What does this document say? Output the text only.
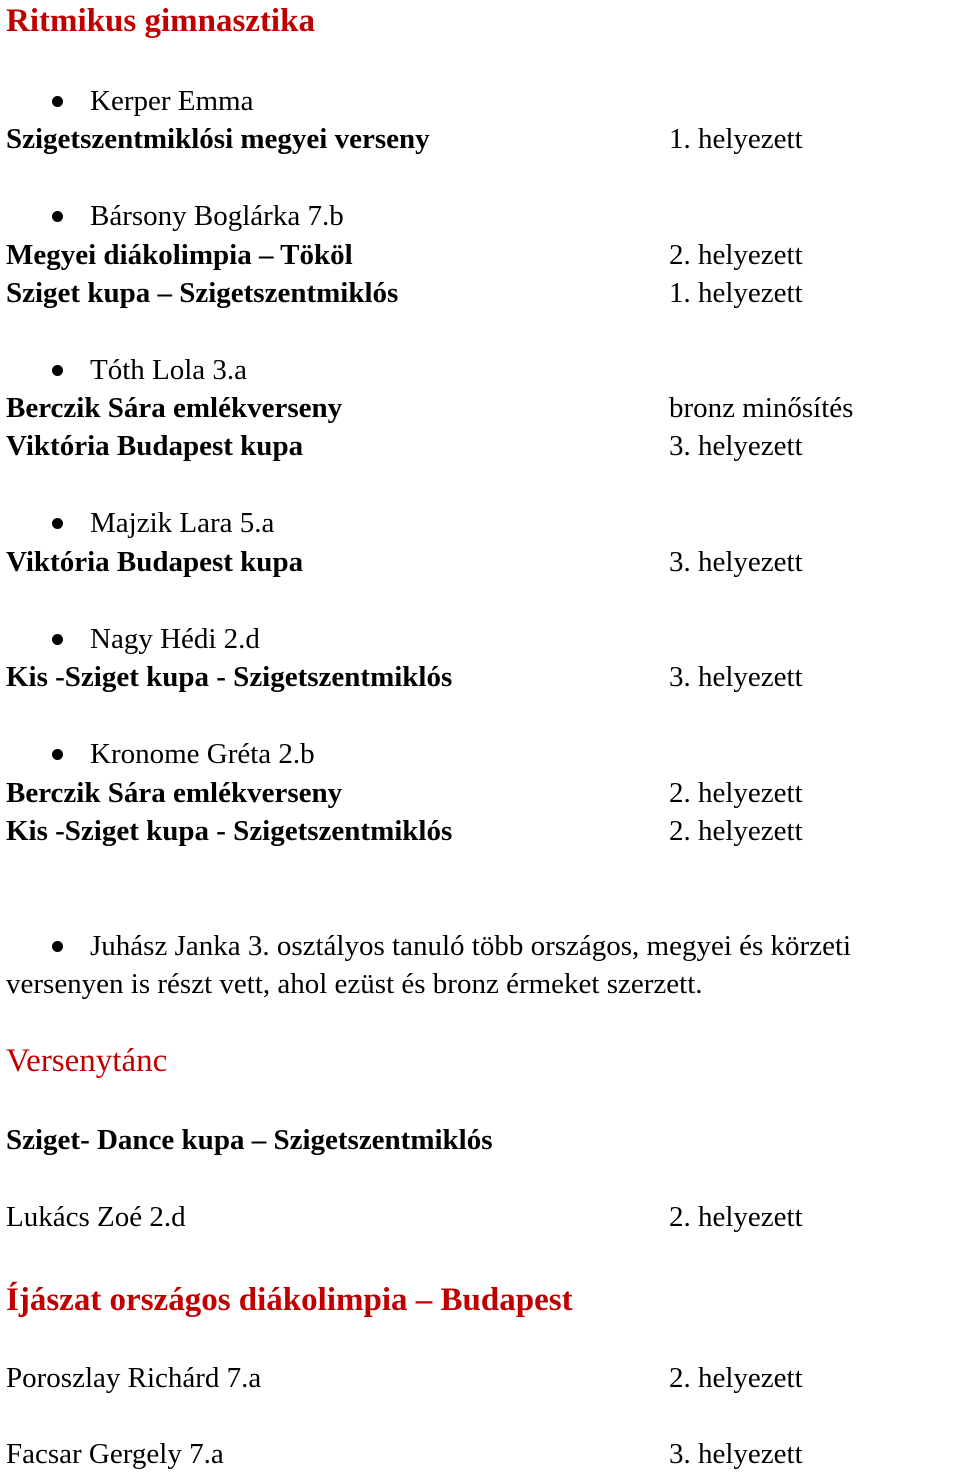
Ritmikus gimnasztika
Kerper Emma
Szigetszentmiklósi megyei verseny	1. helyezett
Bársony Boglárka 7.b
Megyei diákolimpia – Tököl	2. helyezett
Sziget kupa – Szigetszentmiklós	1. helyezett
Tóth Lola 3.a
Berczik Sára emlékverseny	bronz minősítés
Viktória Budapest kupa	3. helyezett
Majzik Lara 5.a
Viktória Budapest kupa	3. helyezett
Nagy Hédi 2.d
Kis -Sziget kupa - Szigetszentmiklós	3. helyezett
Kronome Gréta 2.b
Berczik Sára emlékverseny	2. helyezett
Kis -Sziget kupa - Szigetszentmiklós	2. helyezett
Juhász Janka 3. osztályos tanuló több országos, megyei és körzeti
versenyen is részt vett, ahol ezüst és bronz érmeket szerzett.
Versenytánc
Sziget- Dance kupa – Szigetszentmiklós
Lukács Zoé 2.d	2. helyezett
Íjászat országos diákolimpia – Budapest
Poroszlay Richárd 7.a	2. helyezett
Facsar Gergely 7.a	3. helyezett
